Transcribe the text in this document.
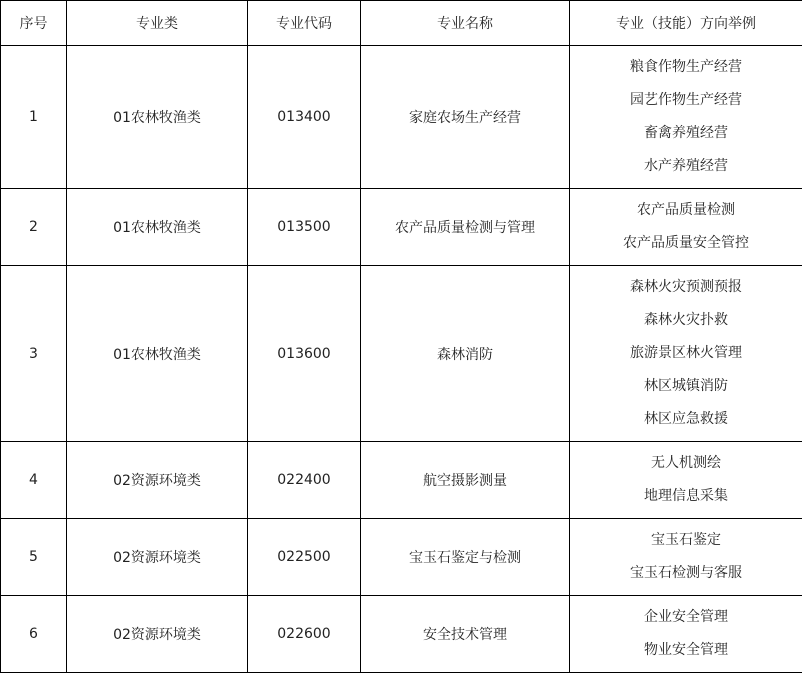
序号	专业类	专业代码	专业名称	专业（技能）方向举例
1	01农林牧渔类	013400	家庭农场生产经营	粮食作物生产经营
园艺作物生产经营
畜禽养殖经营
水产养殖经营

2	01农林牧渔类	013500	农产品质量检测与管理	农产品质量检测
农产品质量安全管控

3	01农林牧渔类	013600	森林消防	森林火灾预测预报
森林火灾扑救
旅游景区林火管理
林区城镇消防
林区应急救援

4	02资源环境类	022400	航空摄影测量	无人机测绘
地理信息采集

5	02资源环境类	022500	宝玉石鉴定与检测	宝玉石鉴定
宝玉石检测与客服

6	02资源环境类	022600	安全技术管理	企业安全管理
物业安全管理
